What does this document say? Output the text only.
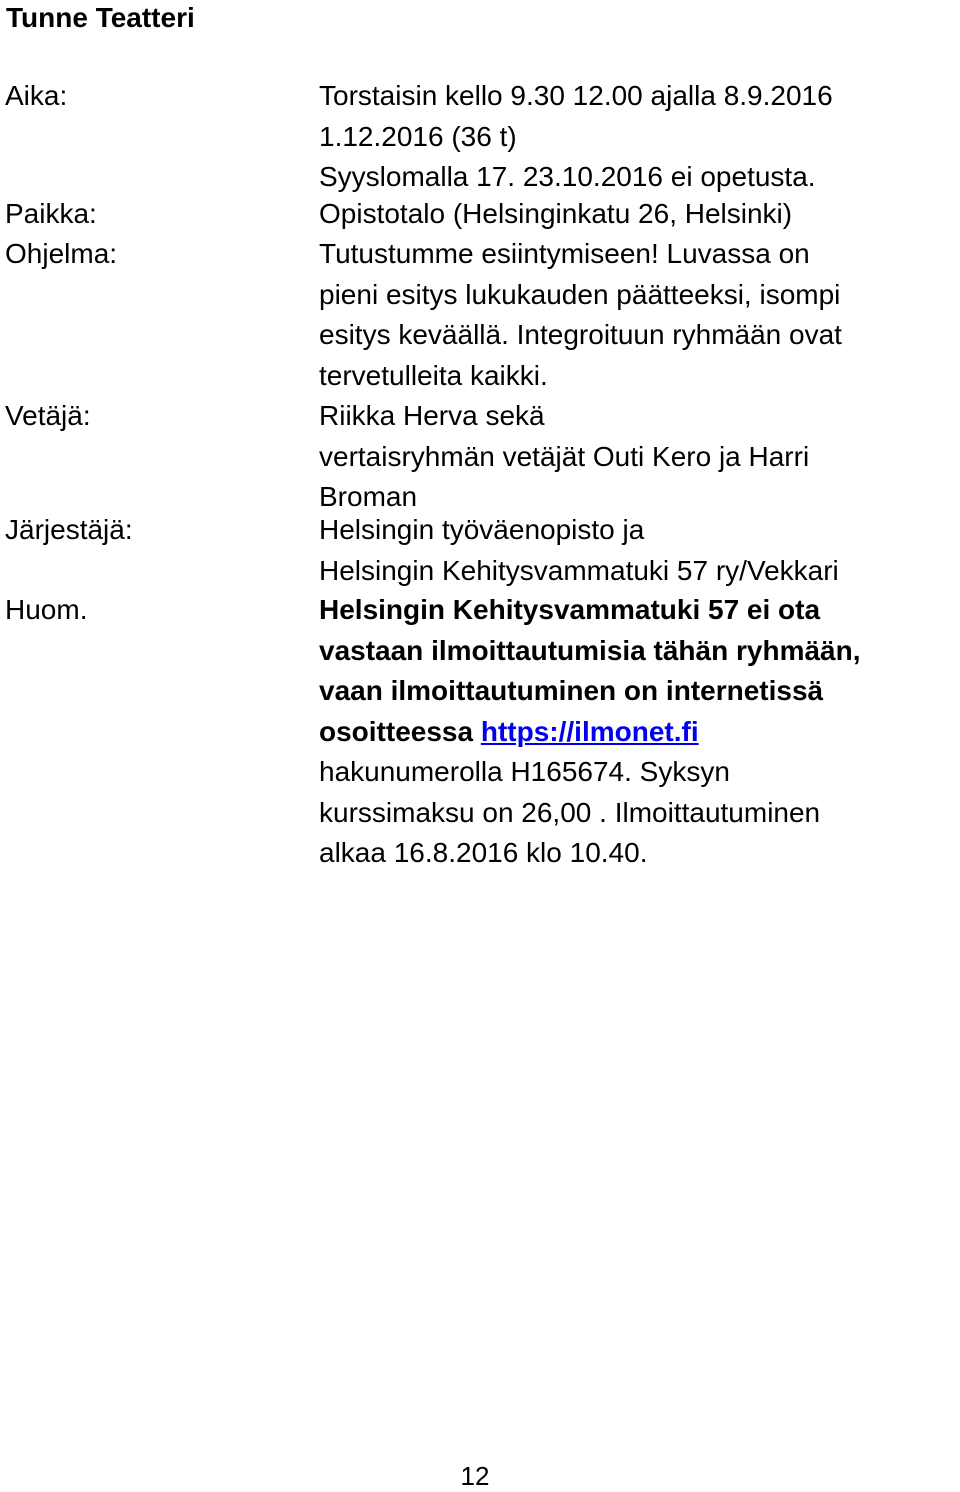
Tunne Teatteri
Aika:	Torstaisin kello 9.30 12.00 ajalla 8.9.2016
1.12.2016 (36 t)
Syyslomalla 17. 23.10.2016 ei opetusta.
Paikka:	Opistotalo (Helsinginkatu 26, Helsinki)
Ohjelma:	Tutustumme esiintymiseen! Luvassa on
pieni esitys lukukauden päätteeksi, isompi
esitys keväällä. Integroituun ryhmään ovat
tervetulleita kaikki.
Vetäjä:	Riikka Herva sekä
vertaisryhmän vetäjät Outi Kero ja Harri
Broman
Järjestäjä:	Helsingin työväenopisto ja
Helsingin Kehitysvammatuki 57 ry/Vekkari
Huom.	Helsingin Kehitysvammatuki 57 ei ota
vastaan ilmoittautumisia tähän ryhmään,
vaan ilmoittautuminen on internetissä
osoitteessa https://ilmonet.fi
hakunumerolla H165674. Syksyn
kurssimaksu on 26,00 . Ilmoittautuminen
alkaa 16.8.2016 klo 10.40.
12
